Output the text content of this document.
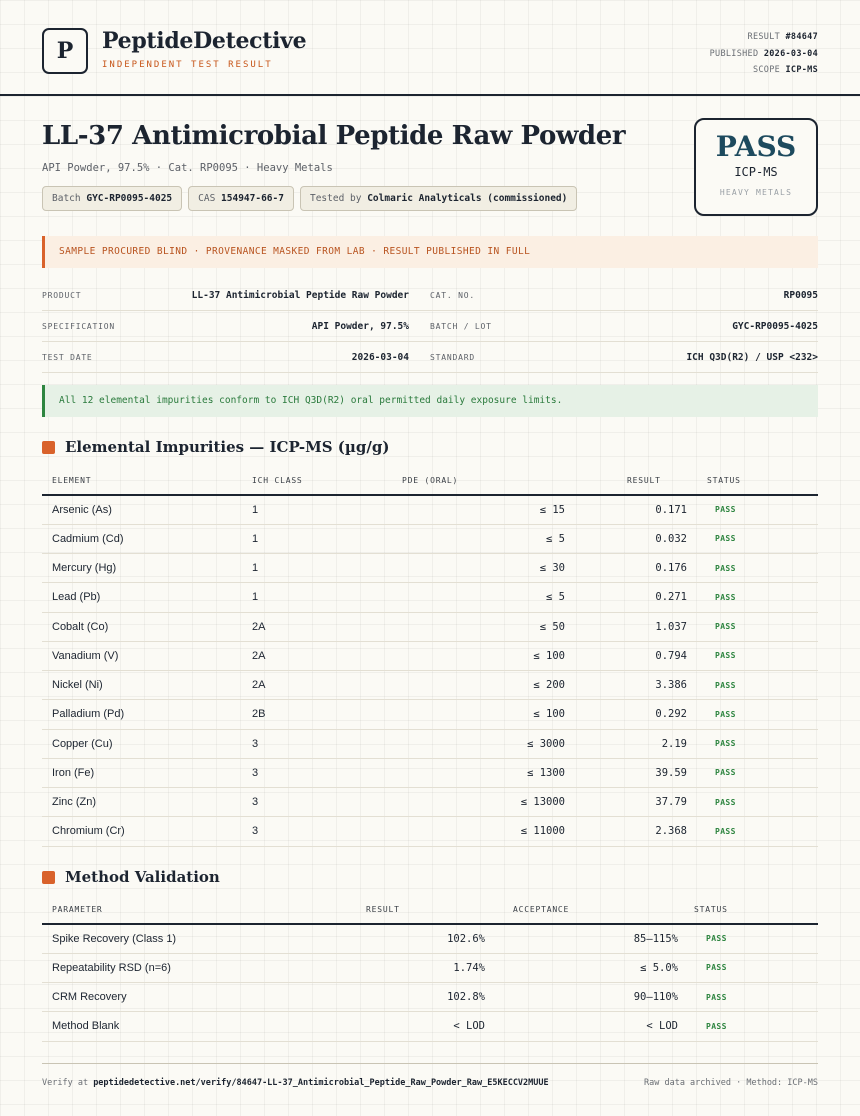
P	PeptideDetective
INDEPENDENT TEST RESULT
RESULT #84647
PUBLISHED 2026-03-04
SCOPE ICP-MS
LL-37 Antimicrobial Peptide Raw Powder
API Powder, 97.5% · Cat. RP0095 · Heavy Metals
Batch GYC-RP0095-4025	CAS 154947-66-7	Tested by Colmaric Analyticals (commissioned)
PASS
ICP-MS
HEAVY METALS
SAMPLE PROCURED BLIND · PROVENANCE MASKED FROM LAB · RESULT PUBLISHED IN FULL
PRODUCT	LL-37 Antimicrobial Peptide Raw Powder	CAT. NO.	RP0095
SPECIFICATION	API Powder, 97.5%	BATCH / LOT	GYC-RP0095-4025
TEST DATE	2026-03-04	STANDARD	ICH Q3D(R2) / USP <232>
All 12 elemental impurities conform to ICH Q3D(R2) oral permitted daily exposure limits.
Elemental Impurities — ICP-MS (µg/g)
ELEMENT	ICH CLASS	PDE (ORAL)	RESULT	STATUS
Arsenic (As)	1	≤ 15	0.171	PASS
Cadmium (Cd)	1	≤ 5	0.032	PASS
Mercury (Hg)	1	≤ 30	0.176	PASS
Lead (Pb)	1	≤ 5	0.271	PASS
Cobalt (Co)	2A	≤ 50	1.037	PASS
Vanadium (V)	2A	≤ 100	0.794	PASS
Nickel (Ni)	2A	≤ 200	3.386	PASS
Palladium (Pd)	2B	≤ 100	0.292	PASS
Copper (Cu)	3	≤ 3000	2.19	PASS
Iron (Fe)	3	≤ 1300	39.59	PASS
Zinc (Zn)	3	≤ 13000	37.79	PASS
Chromium (Cr)	3	≤ 11000	2.368	PASS
Method Validation
PARAMETER	RESULT	ACCEPTANCE	STATUS
Spike Recovery (Class 1)	102.6%	85–115%	PASS
Repeatability RSD (n=6)	1.74%	≤ 5.0%	PASS
CRM Recovery	102.8%	90–110%	PASS
Method Blank	< LOD	< LOD	PASS
Verify at peptidedetective.net/verify/84647-LL-37_Antimicrobial_Peptide_Raw_Powder_Raw_E5KECCV2MUUE	Raw data archived · Method: ICP-MS
